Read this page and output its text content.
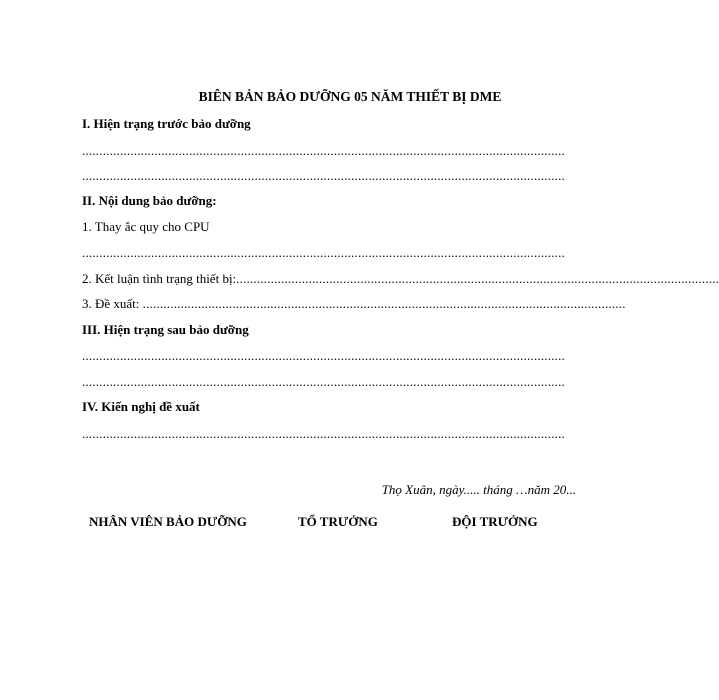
BIÊN BẢN BẢO DƯỠNG 05 NĂM THIẾT BỊ DME
I. Hiện trạng trước bảo dưỡng
............................................................................................................................................
............................................................................................................................................
II. Nội dung bảo dưỡng:
1. Thay ắc quy cho CPU
............................................................................................................................................
2. Kết luận tình trạng thiết bị:............................................................................................................................................
3. Đề xuất: ............................................................................................................................................
III. Hiện trạng sau bảo dưỡng
............................................................................................................................................
............................................................................................................................................
IV. Kiến nghị đề xuất
............................................................................................................................................
Thọ Xuân, ngày..... tháng …năm 20...
NHÂN VIÊN BẢO DƯỠNG	TỔ TRƯỞNG	ĐỘI TRƯỞNG
